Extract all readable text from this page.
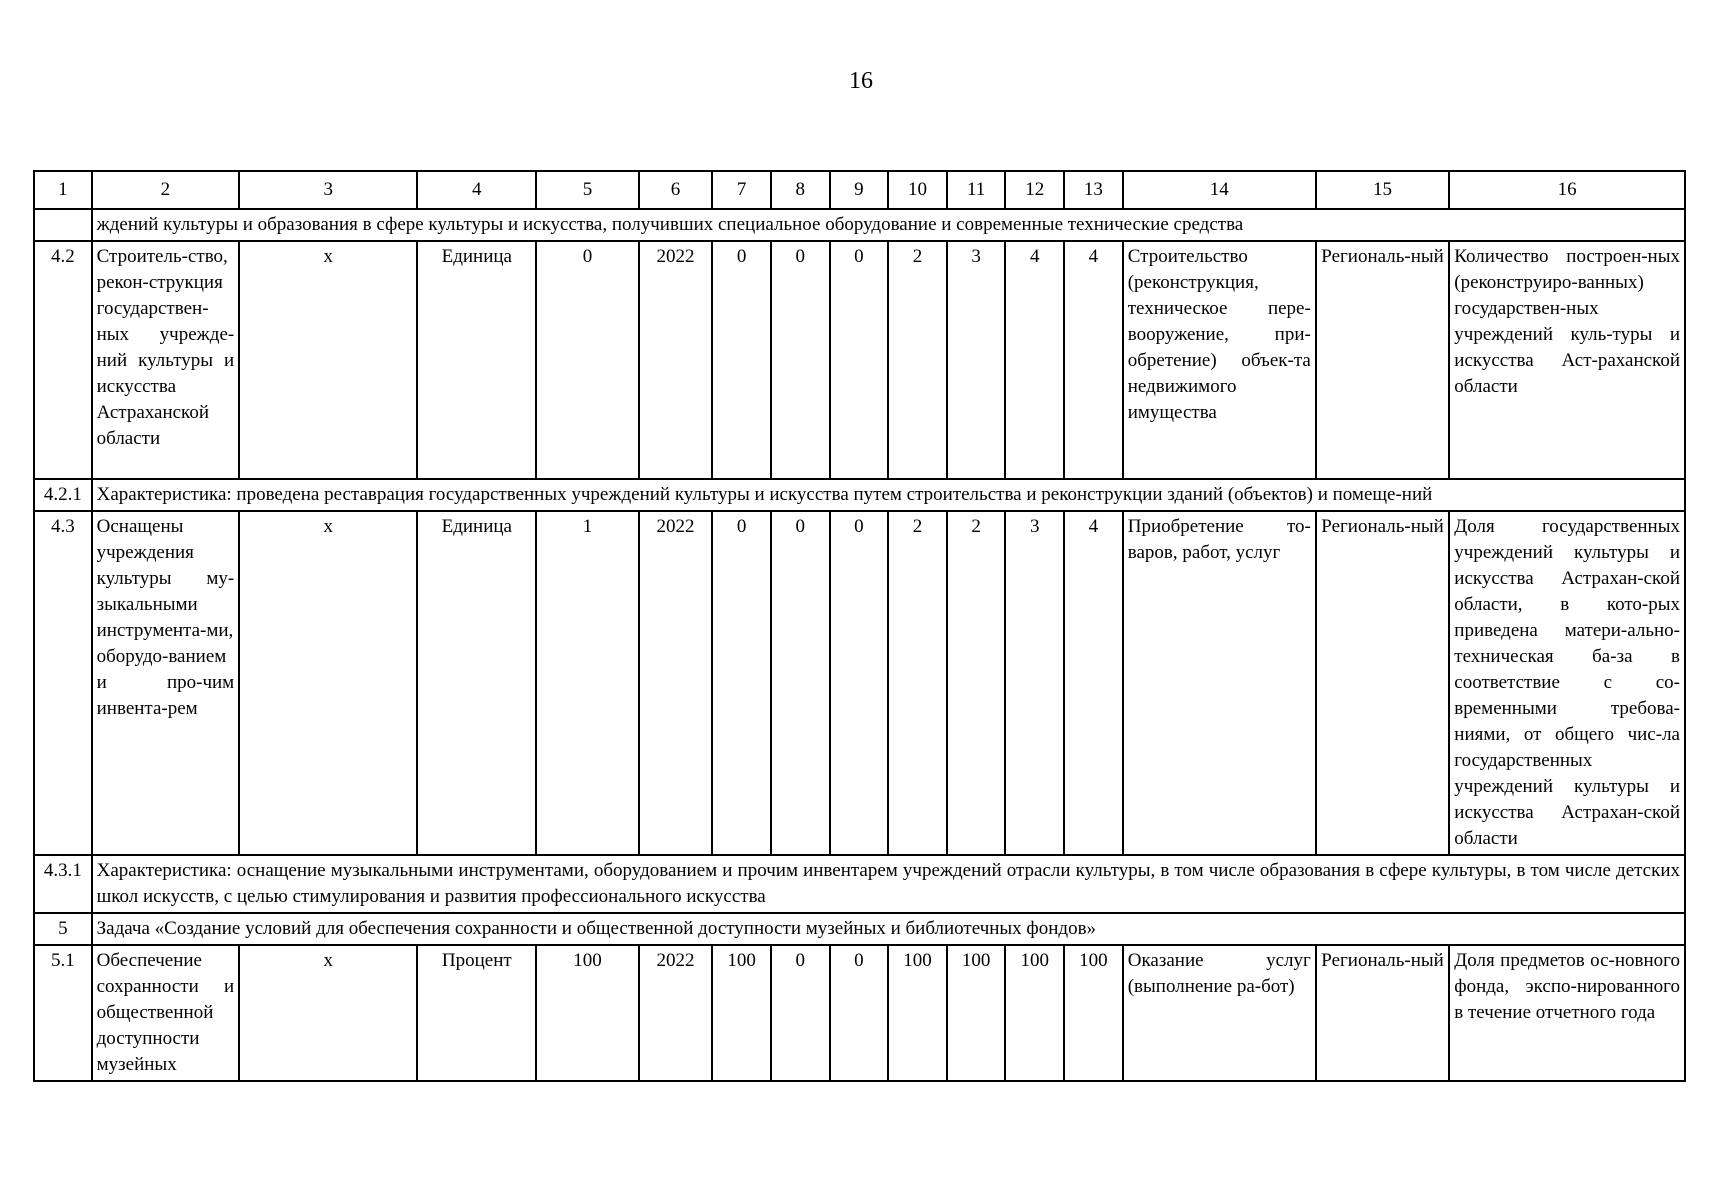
16
1	2	3	4	5	6	7	8	9	10	11	12	13	14	15	16
	ждений культуры и образования в сфере культуры и искусства, получивших специальное оборудование и современные технические средства														
4.2	Строитель-ство, рекон-струкция государствен-ных учрежде-ний культуры и искусства Астраханской области	x	Единица	0	2022	0	0	0	2	3	4	4	Строительство (реконструкция, техническое пере-вооружение, при-обретение) объек-та недвижимого имущества	Региональ-ный	Количество построен-ных (реконструиро-ванных) государствен-ных учреждений куль-туры и искусства Аст-раханской области
4.2.1	Характеристика: проведена реставрация государственных учреждений культуры и искусства путем строительства и реконструкции зданий (объектов) и помеще-ний														
4.3	Оснащены учреждения культуры му-зыкальными инструмента-ми, оборудо-ванием и про-чим инвента-рем	x	Единица	1	2022	0	0	0	2	2	3	4	Приобретение то-варов, работ, услуг	Региональ-ный	Доля государственных учреждений культуры и искусства Астрахан-ской области, в кото-рых приведена матери-ально-техническая ба-за в соответствие с со-временными требова-ниями, от общего чис-ла государственных учреждений культуры и искусства Астрахан-ской области
4.3.1	Характеристика: оснащение музыкальными инструментами, оборудованием и прочим инвентарем учреждений отрасли культуры, в том числе образования в сфере культуры, в том числе детских школ искусств, с целью стимулирования и развития профессионального искусства														
5	Задача «Создание условий для обеспечения сохранности и общественной доступности музейных и библиотечных фондов»														
5.1	Обеспечение сохранности и общественной доступности музейных	x	Процент	100	2022	100	0	0	100	100	100	100	Оказание услуг (выполнение ра-бот)	Региональ-ный	Доля предметов ос-новного фонда, экспо-нированного в течение отчетного года
